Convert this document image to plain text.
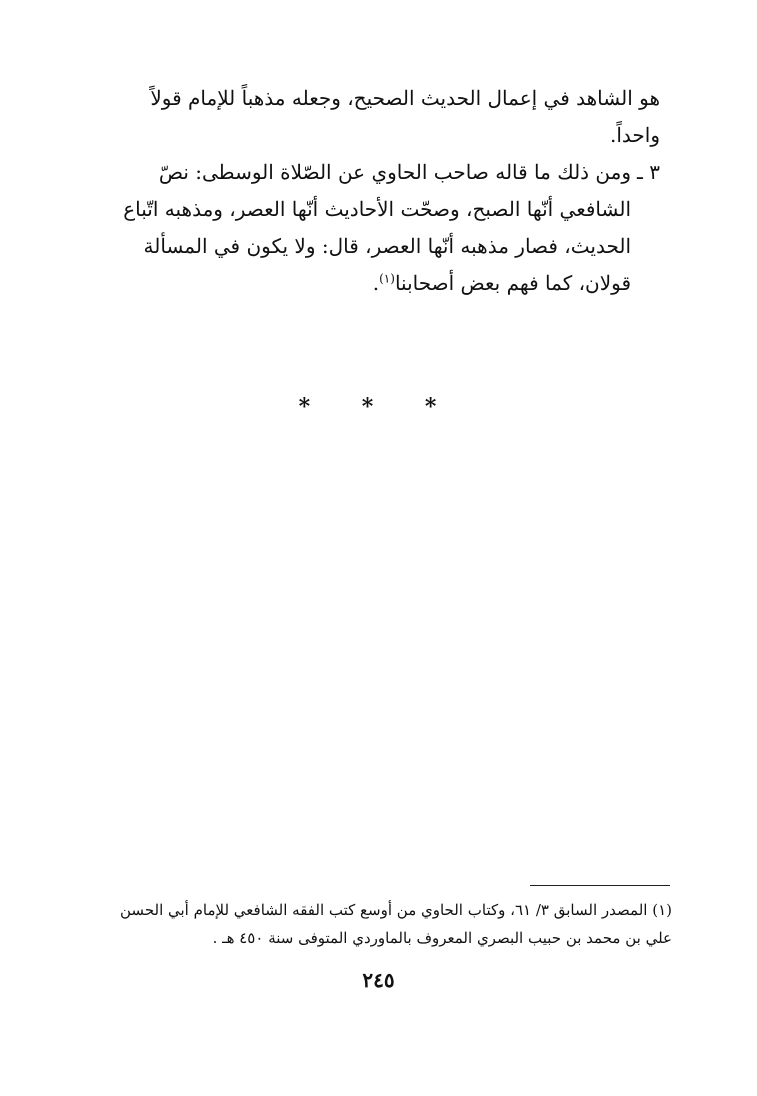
هو الشاهد في إعمال الحديث الصحيح، وجعله مذهباً للإمام قولاً واحداً.

٣ ـ
ومن ذلك ما قاله صاحب الحاوي عن الصّلاة الوسطى: نصّ الشافعي أنّها الصبح، وصحّت الأحاديث أنّها العصر، ومذهبه اتّباع الحديث، فصار مذهبه أنّها العصر، قال: ولا يكون في المسألة قولان، كما فهم بعض أصحابنا$^{(١)}$.
* * *
(١) المصدر السابق ٣/ ٦١، وكتاب الحاوي من أوسع كتب الفقه الشافعي للإمام أبي الحسن علي بن محمد بن حبيب البصري المعروف بالماوردي المتوفى سنة ٤٥٠ هـ .
٢٤٥
